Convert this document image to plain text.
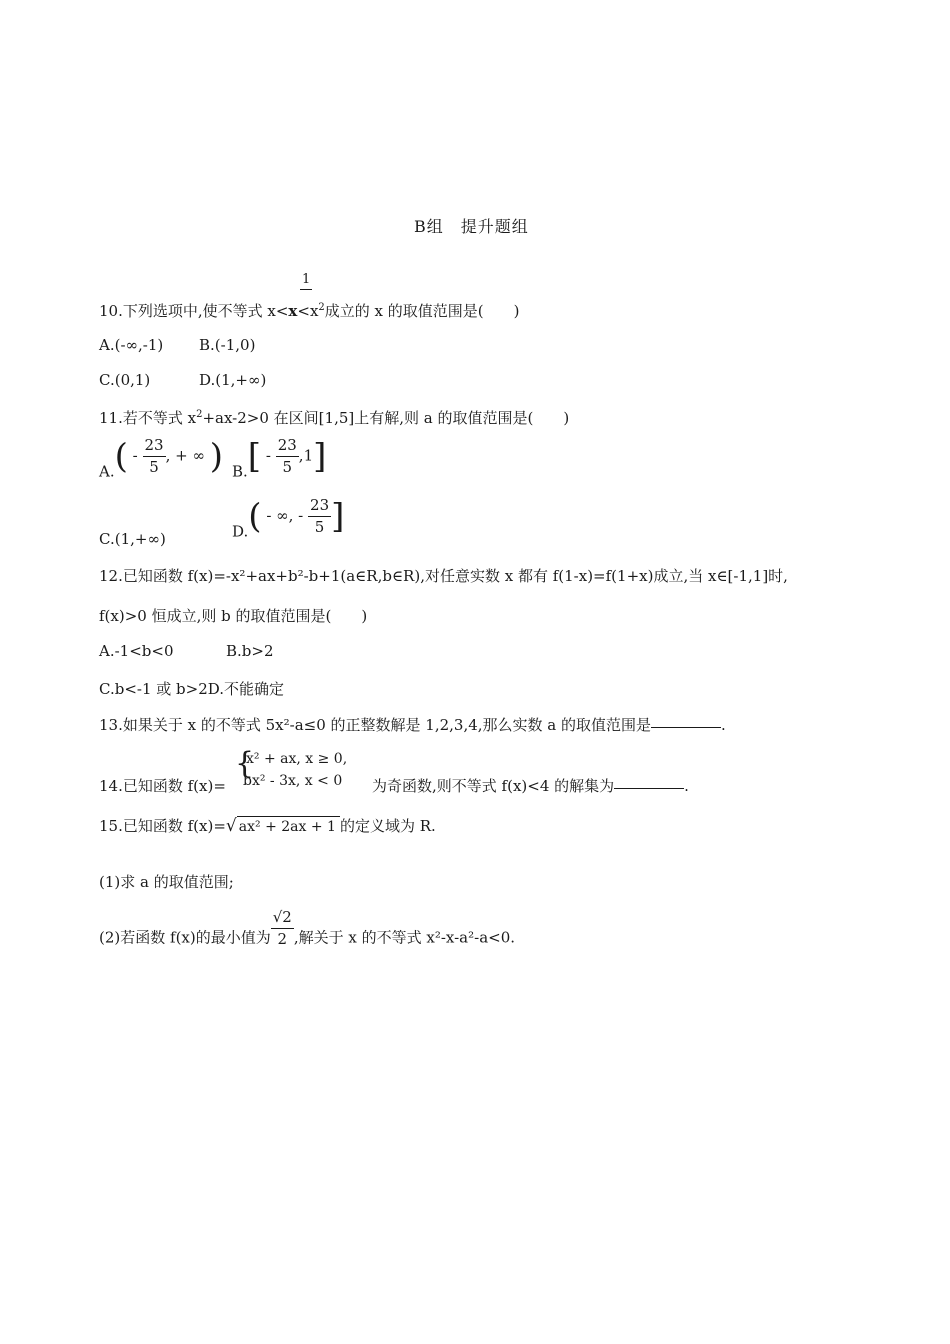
B组　提升题组
1
10.下列选项中,使不等式 $x<x<x^2$成立的 x 的取值范围是(　　)
A.(-∞,-1) B.(-1,0)
C.(0,1)	D.(1,+∞)
11.若不等式 $x^2+ax-2>0$ 在区间[1,5]上有解,则 a 的取值范围是(　　)
$A.( - \frac{23}{5}$ , + ∞ ) $B.[ - \frac{23}{5} ,1]$
C.(1,+∞)	D.( - ∞, - $\frac{23}{5}$ ]
12.已知函数 f(x)=-x²+ax+b²-b+1(a∈R,b∈R),对任意实数 x 都有 f(1-x)=f(1+x)成立,当 x∈[-1,1]时,
f(x)>0 恒成立,则 b 的取值范围是(　　)
A.-1<b<0	B.b>2
C.b<-1 或 b>2D.不能确定
13.如果关于 x 的不等式 5x²-a≤0 的正整数解是 1,2,3,4,那么实数 a 的取值范围是	.
{
x² + ax, x ≥ 0,
bx² - 3x, x < 0
14.已知函数 f(x)=	为奇函数,则不等式 f(x)<4 的解集为	.
15.已知函数 f(x)=√ ax² + 2ax + 1 的定义域为 R.
(1)求 a 的取值范围;
(2)若函数 f(x)的最小值为 $\frac{√2}{2}$ ,解关于 x 的不等式 x²-x-a²-a<0.
